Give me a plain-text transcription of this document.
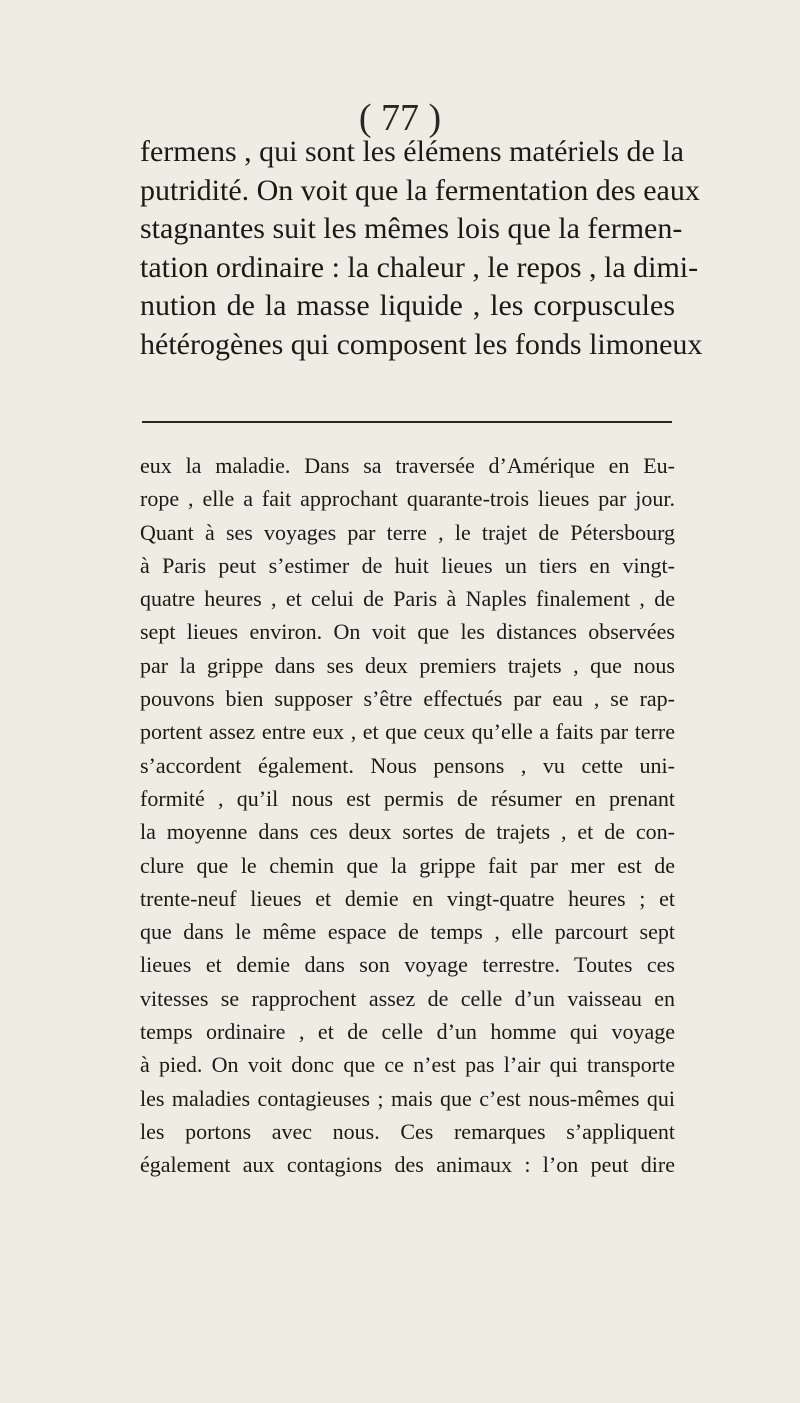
( 77 )
fermens , qui sont les élémens matériels de la
putridité. On voit que la fermentation des eaux
stagnantes suit les mêmes lois que la fermen-
tation ordinaire : la chaleur , le repos , la dimi-
nution de la masse liquide , les corpuscules
hétérogènes qui composent les fonds limoneux
eux la maladie. Dans sa traversée d’Amérique en Eu-
rope , elle a fait approchant quarante-trois lieues par jour.
Quant à ses voyages par terre , le trajet de Pétersbourg
à Paris peut s’estimer de huit lieues un tiers en vingt-
quatre heures , et celui de Paris à Naples finalement , de
sept lieues environ. On voit que les distances observées
par la grippe dans ses deux premiers trajets , que nous
pouvons bien supposer s’être effectués par eau , se rap-
portent assez entre eux , et que ceux qu’elle a faits par terre
s’accordent également. Nous pensons , vu cette uni-
formité , qu’il nous est permis de résumer en prenant
la moyenne dans ces deux sortes de trajets , et de con-
clure que le chemin que la grippe fait par mer est de
trente-neuf lieues et demie en vingt-quatre heures ; et
que dans le même espace de temps , elle parcourt sept
lieues et demie dans son voyage terrestre. Toutes ces
vitesses se rapprochent assez de celle d’un vaisseau en
temps ordinaire , et de celle d’un homme qui voyage
à pied. On voit donc que ce n’est pas l’air qui transporte
les maladies contagieuses ; mais que c’est nous-mêmes qui
les portons avec nous. Ces remarques s’appliquent
également aux contagions des animaux : l’on peut dire
